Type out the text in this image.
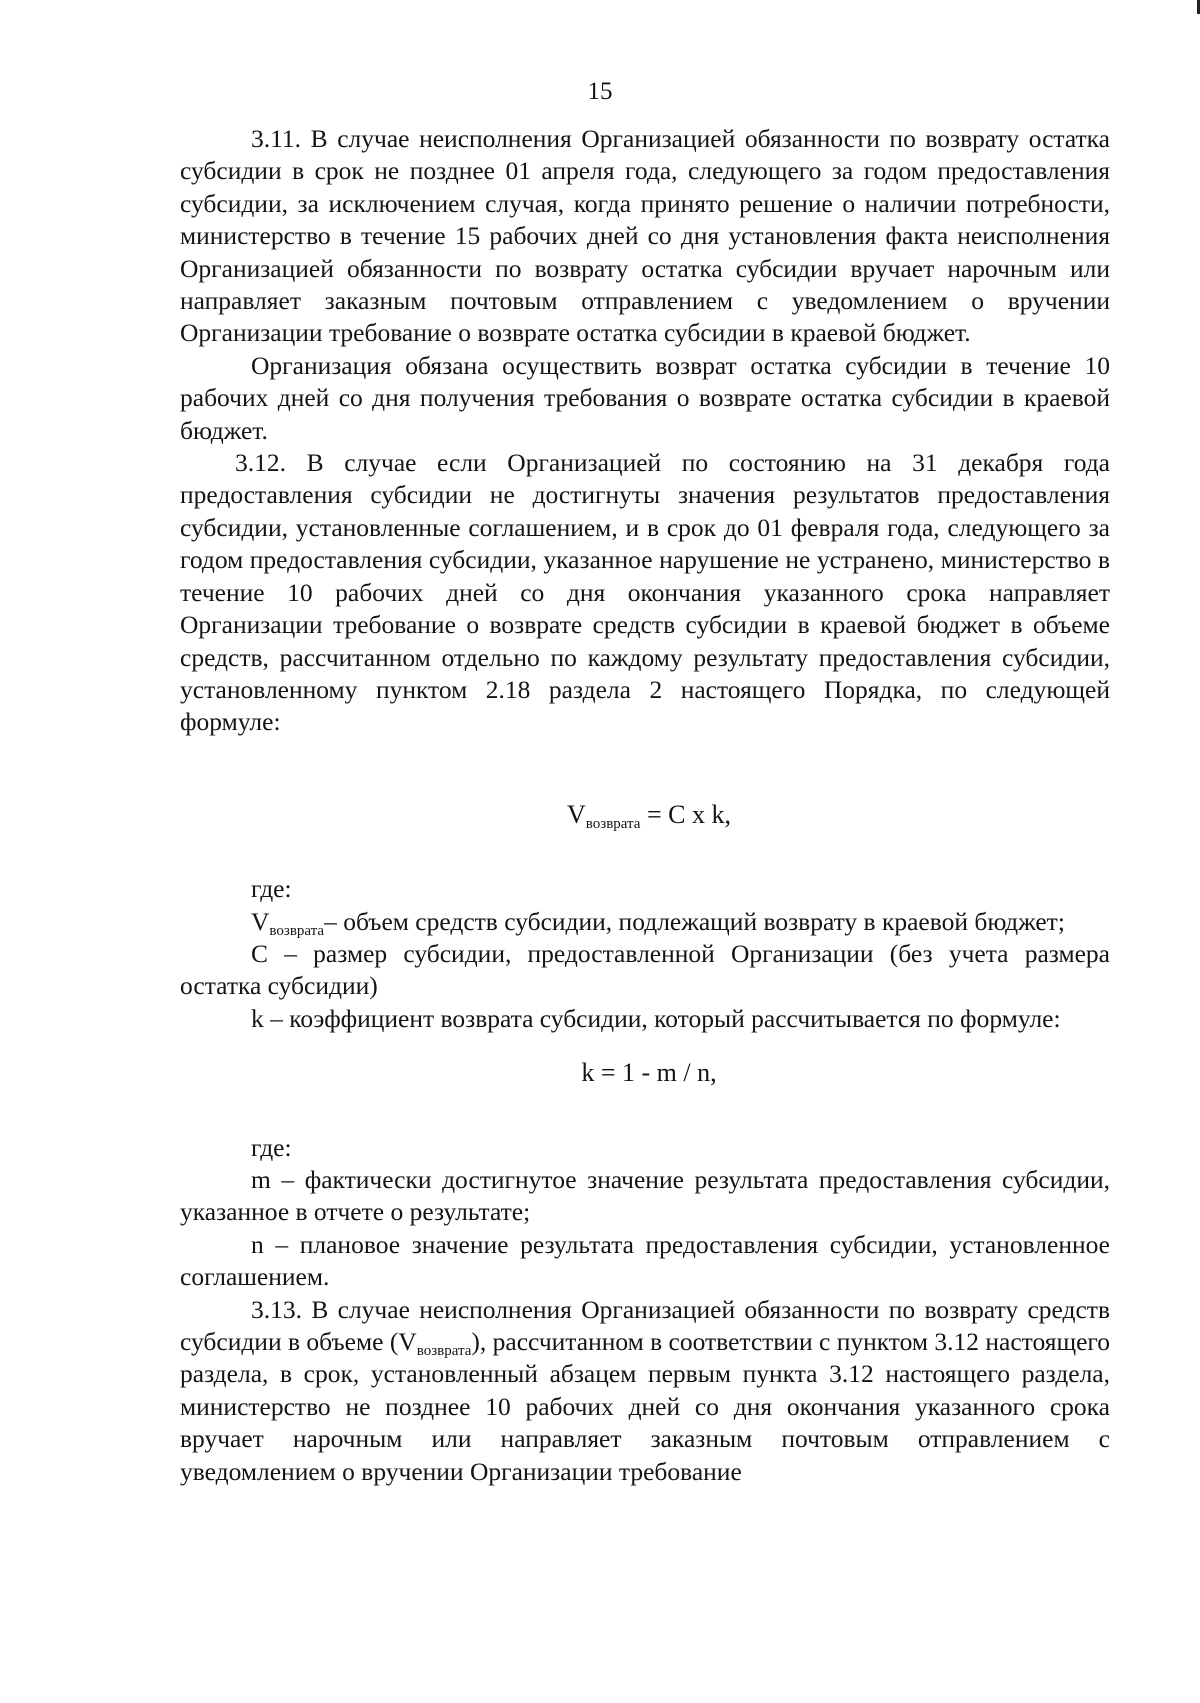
15

3.11. В случае неисполнения Организацией обязанности по возврату остатка субсидии в срок не позднее 01 апреля года, следующего за годом предоставления субсидии, за исключением случая, когда принято решение о наличии потребности, министерство в течение 15 рабочих дней со дня установления факта неисполнения Организацией обязанности по возврату остатка субсидии вручает нарочным или направляет заказным почтовым отправлением с уведомлением о вручении Организации требование о возврате остатка субсидии в краевой бюджет.

Организация обязана осуществить возврат остатка субсидии в течение 10 рабочих дней со дня получения требования о возврате остатка субсидии в краевой бюджет.

3.12. В случае если Организацией по состоянию на 31 декабря года предоставления субсидии не достигнуты значения результатов предоставления субсидии, установленные соглашением, и в срок до 01 февраля года, следующего за годом предоставления субсидии, указанное нарушение не устранено, министерство в течение 10 рабочих дней со дня окончания указанного срока направляет Организации требование о возврате средств субсидии в краевой бюджет в объеме средств, рассчитанном отдельно по каждому результату предоставления субсидии, установленному пунктом 2.18 раздела 2 настоящего Порядка, по следующей формуле:

$V_{возврата} = C$ x k,

где:

$V_{возврата}-$ объем средств субсидии, подлежащий возврату в краевой бюджет;

С – размер субсидии, предоставленной Организации (без учета размера остатка субсидии)

k – коэффициент возврата субсидии, который рассчитывается по формуле:

k = 1 - m / n,

где:

m – фактически достигнутое значение результата предоставления субсидии, указанное в отчете о результате;

n – плановое значение результата предоставления субсидии, установленное соглашением.

3.13. В случае неисполнения Организацией обязанности по возврату средств субсидии в объеме $(V_{возврата})$, рассчитанном в соответствии с пунктом 3.12 настоящего раздела, в срок, установленный абзацем первым пункта 3.12 настоящего раздела, министерство не позднее 10 рабочих дней со дня окончания указанного срока вручает нарочным или направляет заказным почтовым отправлением с уведомлением о вручении Организации требование
